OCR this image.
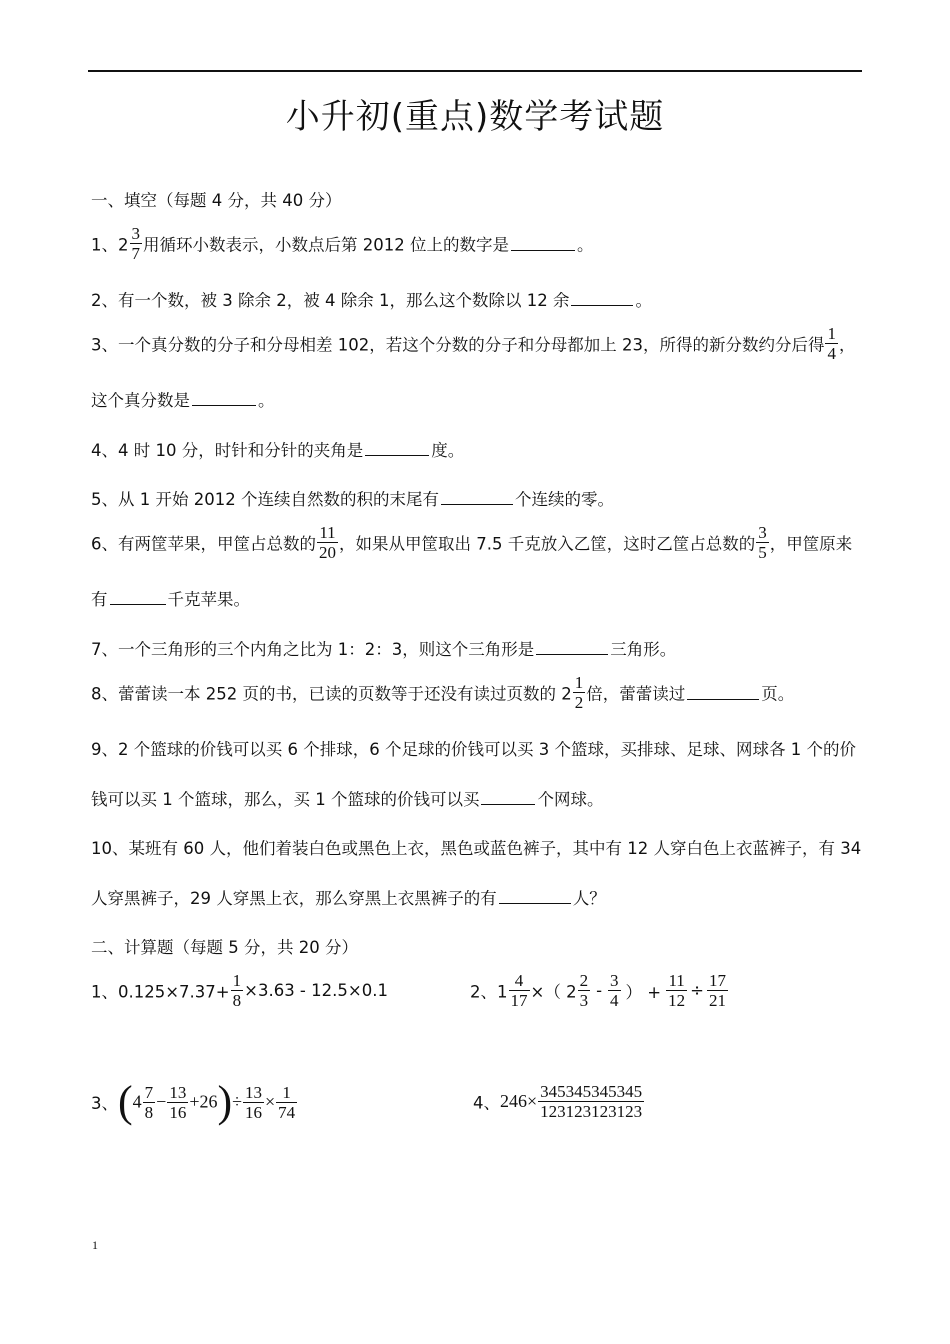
小升初(重点)数学考试题
一、填空（每题 4 分，共 40 分）
1、$2 \frac{3}{7}$ 用循环小数表示，小数点后第 2012 位上的数字是	。
2、有一个数，被 3 除余 2，被 4 除余 1，那么这个数除以 12 余	。
3、一个真分数的分子和分母相差 102，若这个分数的分子和分母都加上 23，所得的新分数约分后得 $\frac{1}{4}$ ，
这个真分数是	。
4、4 时 10 分，时针和分针的夹角是	度。
5、从 1 开始 2012 个连续自然数的积的末尾有	个连续的零。
6、有两筐苹果，甲筐占总数的 $\frac{11}{20}$ ，如果从甲筐取出 7.5 千克放入乙筐，这时乙筐占总数的 $\frac{3}{5}$ ，甲筐原来
有	千克苹果。
7、一个三角形的三个内角之比为 1：2：3，则这个三角形是	三角形。
8、蕾蕾读一本 252 页的书，已读的页数等于还没有读过页数的 $2 \frac{1}{2}$ 倍，蕾蕾读过	页。
9、2 个篮球的价钱可以买 6 个排球，6 个足球的价钱可以买 3 个篮球，买排球、足球、网球各 1 个的价
钱可以买 1 个篮球，那么，买 1 个篮球的价钱可以买	个网球。
10、某班有 60 人，他们着装白色或黑色上衣，黑色或蓝色裤子，其中有 12 人穿白色上衣蓝裤子，有 34
人穿黑裤子，29 人穿黑上衣，那么穿黑上衣黑裤子的有	人？
二、计算题（每题 5 分，共 20 分）
1、$0.125\times 7.37+ \frac{1}{8} \times 3.63 - 12.5\times 0.1$	2、$1 \frac{4}{17}$ ×（ $2 \frac{2}{3} - \frac{3}{4}$ ） + $\frac{11}{12} \div \frac{17}{21}$
3、$(4 \frac{7}{8} - \frac{13}{16} +26)\div \frac{13}{16} \times \frac{1}{74}$	4、$246\times \frac{345345345345}{123123123123}$
1
